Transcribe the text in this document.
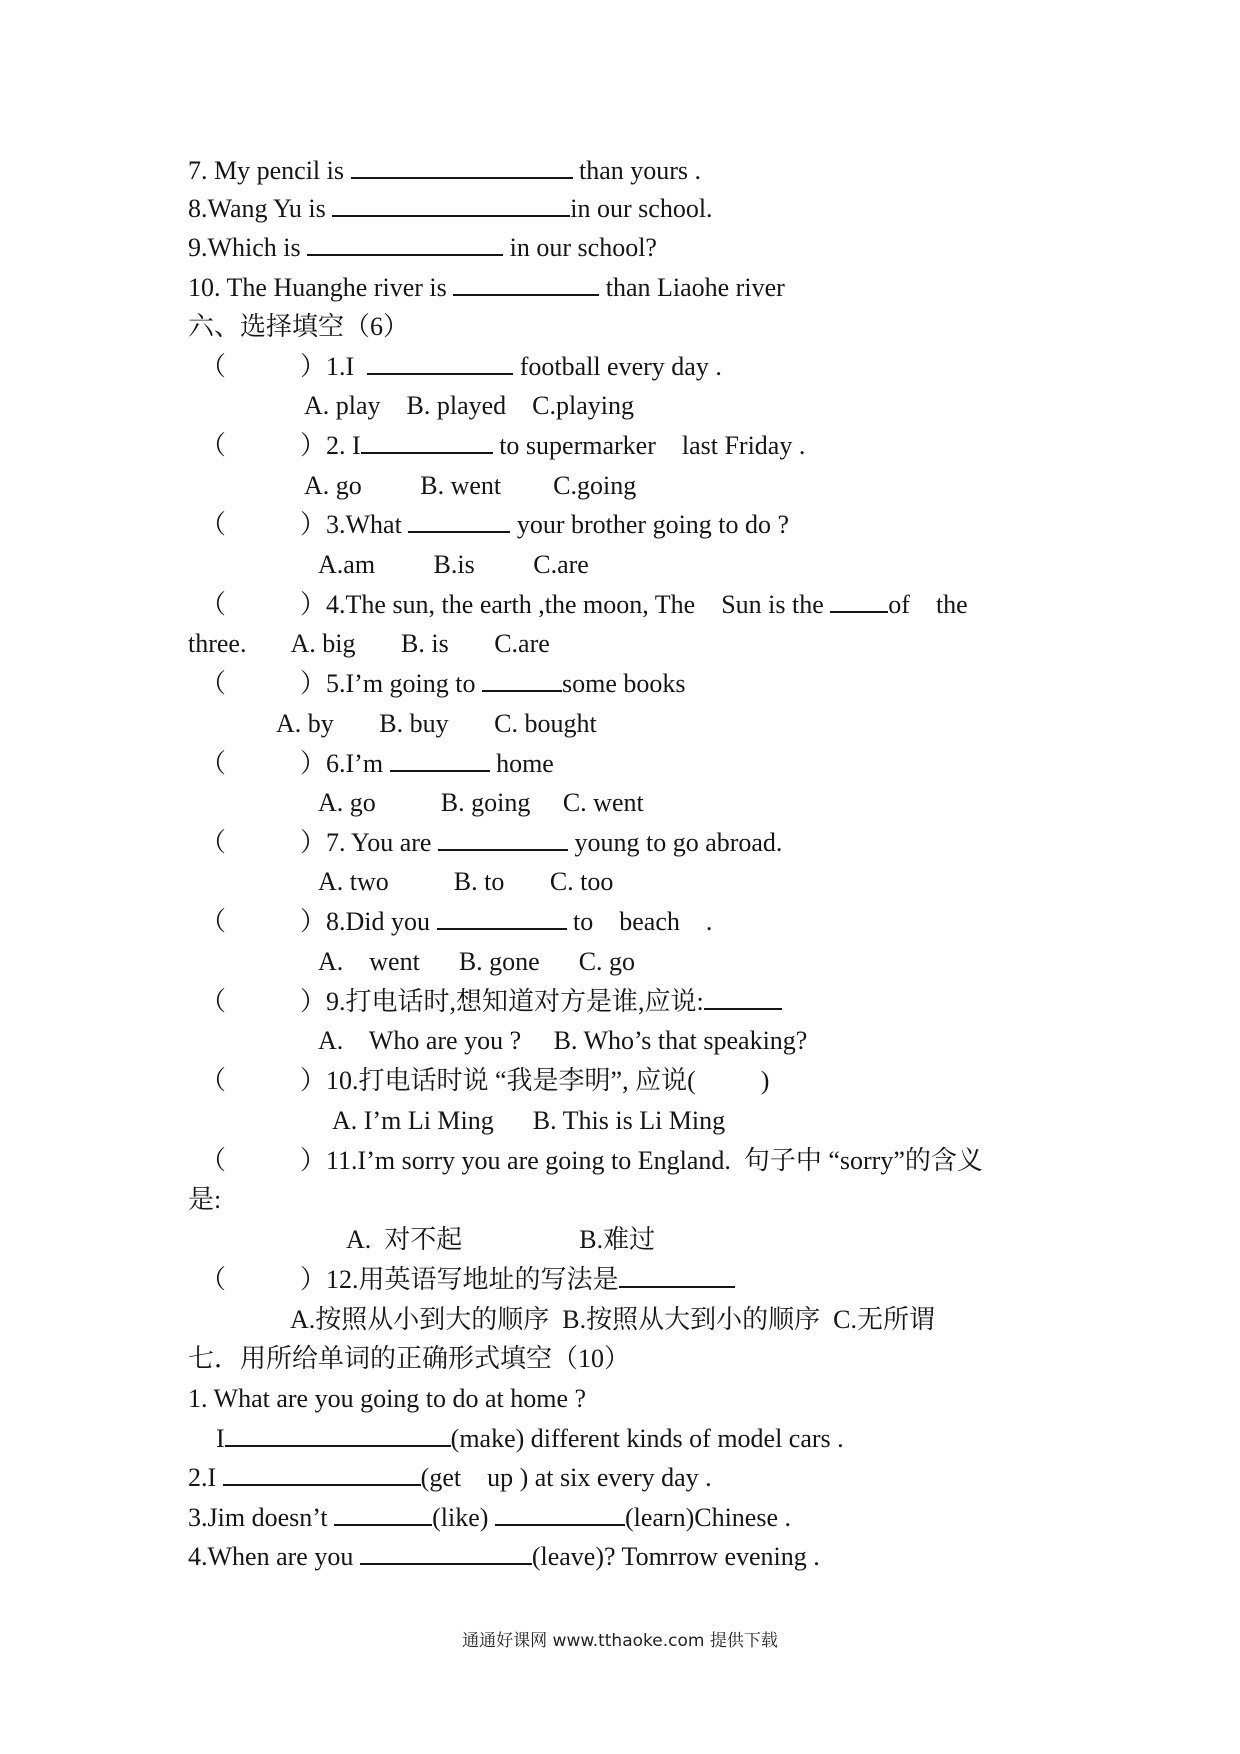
7. My pencil is	than yours .
8.Wang Yu is	in our school.
9.Which is	in our school?
10. The Huanghe river is	than Liaohe river
六、选择填空（6）
（	）1.I	football every day .
A. play    B. played    C.playing
（	）2. I	to supermarker    last Friday .
A. go         B. went        C.going
（	）3.What	your brother going to do ?
A.am         B.is         C.are
（	）4.The sun, the earth ,the moon, The    Sun is the of    the
three.       A. big       B. is       C.are
（	）5.I’m going to	some books
A. by       B. buy       C. bought
（	）6.I’m	home
A. go          B. going     C. went
（	）7. You are	young to go abroad.
A. two          B. to       C. too
（	）8.Did you	to    beach    .
A.    went      B. gone      C. go
（	）9.打电话时,想知道对方是谁,应说:
A.    Who are you ?     B. Who’s that speaking?
（	）10.打电话时说 “我是李明”, 应说(          )
A. I’m Li Ming      B. This is Li Ming
（	）11.I’m sorry you are going to England.  句子中 “sorry”的含义
是:
A.  对不起                  B.难过
（	）12.用英语写地址的写法是
A.按照从小到大的顺序  B.按照从大到小的顺序  C.无所谓
七．用所给单词的正确形式填空（10）
1. What are you going to do at home ?
I	(make) different kinds of model cars .
2.I	(get    up ) at six every day .
3.Jim doesn’t	(like)	(learn)Chinese .
4.When are you	(leave)? Tomrrow evening .
通通好课网 www.tthaoke.com 提供下载
